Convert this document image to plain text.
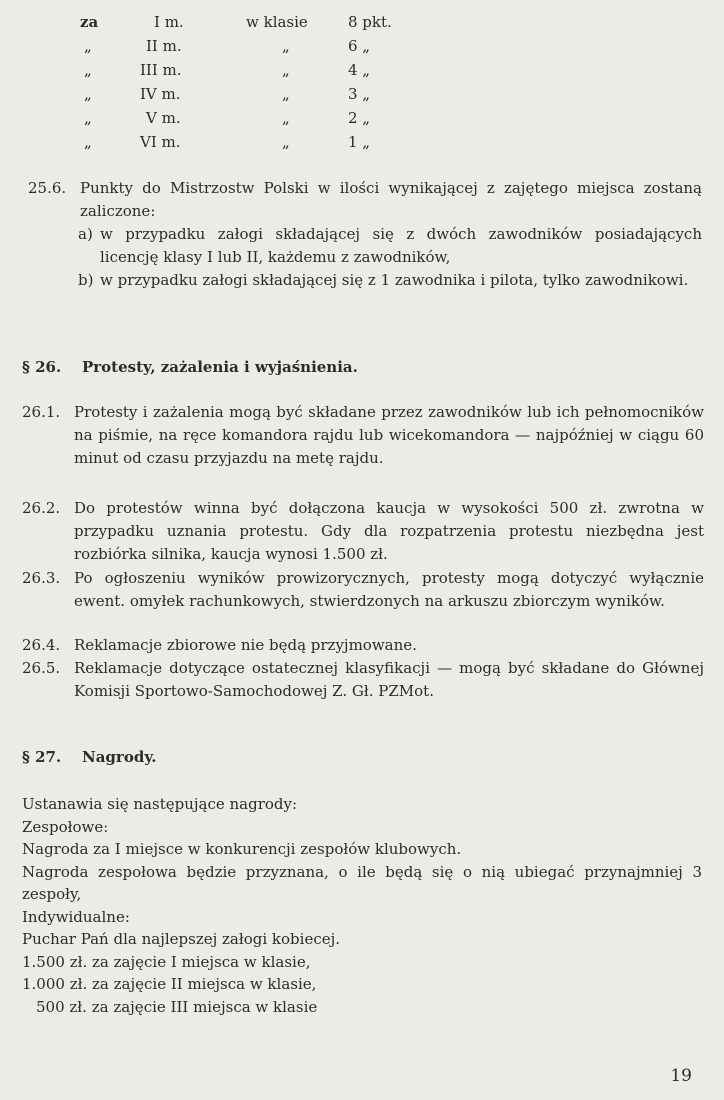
za	I m.	w klasie	8 pkt.
„	II m.	„	6 „
„	III m.	„	4 „
„	IV m.	„	3 „
„	V m.	„	2 „
„	VI m.	„	1 „
25.6. Punkty do Mistrzostw Polski w ilości wynikającej z zajętego miejsca zostaną zaliczone:
a) w przypadku załogi składającej się z dwóch zawodników posiadających licencję klasy I lub II, każdemu z zawodników,
b) w przypadku załogi składającej się z 1 zawodnika i pilota, tylko zawodnikowi.
§ 26. Protesty, zażalenia i wyjaśnienia.
26.1. Protesty i zażalenia mogą być składane przez zawodników lub ich pełnomocników na piśmie, na ręce komandora rajdu lub wicekomandora — najpóźniej w ciągu 60 minut od czasu przyjazdu na metę rajdu.
26.2. Do protestów winna być dołączona kaucja w wysokości 500 zł. zwrotna w przypadku uznania protestu. Gdy dla rozpatrzenia protestu niezbędna jest rozbiórka silnika, kaucja wynosi 1.500 zł.
26.3. Po ogłoszeniu wyników prowizorycznych, protesty mogą dotyczyć wyłącznie ewent. omyłek rachunkowych, stwierdzonych na arkuszu zbiorczym wyników.
26.4. Reklamacje zbiorowe nie będą przyjmowane.
26.5. Reklamacje dotyczące ostatecznej klasyfikacji — mogą być składane do Głównej Komisji Sportowo-Samochodowej Z. Gł. PZMot.
§ 27. Nagrody.
Ustanawia się następujące nagrody:
Zespołowe:
Nagroda za I miejsce w konkurencji zespołów klubowych.
Nagroda zespołowa będzie przyznana, o ile będą się o nią ubiegać przynajmniej 3 zespoły,
Indywidualne:
Puchar Pań dla najlepszej załogi kobiecej.
1.500 zł. za zajęcie I miejsca w klasie,
1.000 zł. za zajęcie II miejsca w klasie,
500 zł. za zajęcie III miejsca w klasie
19
